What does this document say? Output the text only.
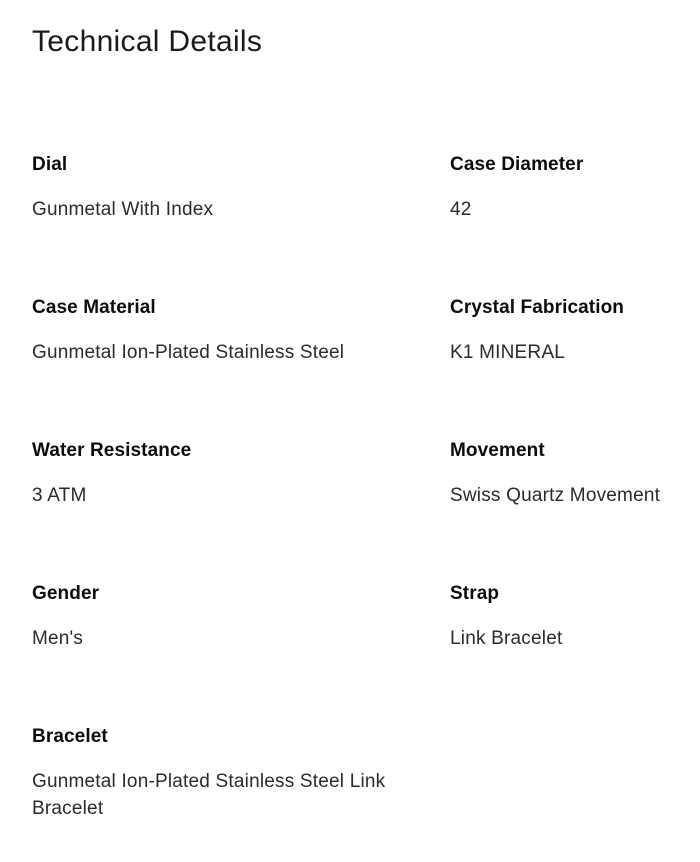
Technical Details
Dial
Gunmetal With Index
Case Diameter
42
Case Material
Gunmetal Ion-Plated Stainless Steel
Crystal Fabrication
K1 MINERAL
Water Resistance
3 ATM
Movement
Swiss Quartz Movement
Gender
Men's
Strap
Link Bracelet
Bracelet
Gunmetal Ion-Plated Stainless Steel Link Bracelet
